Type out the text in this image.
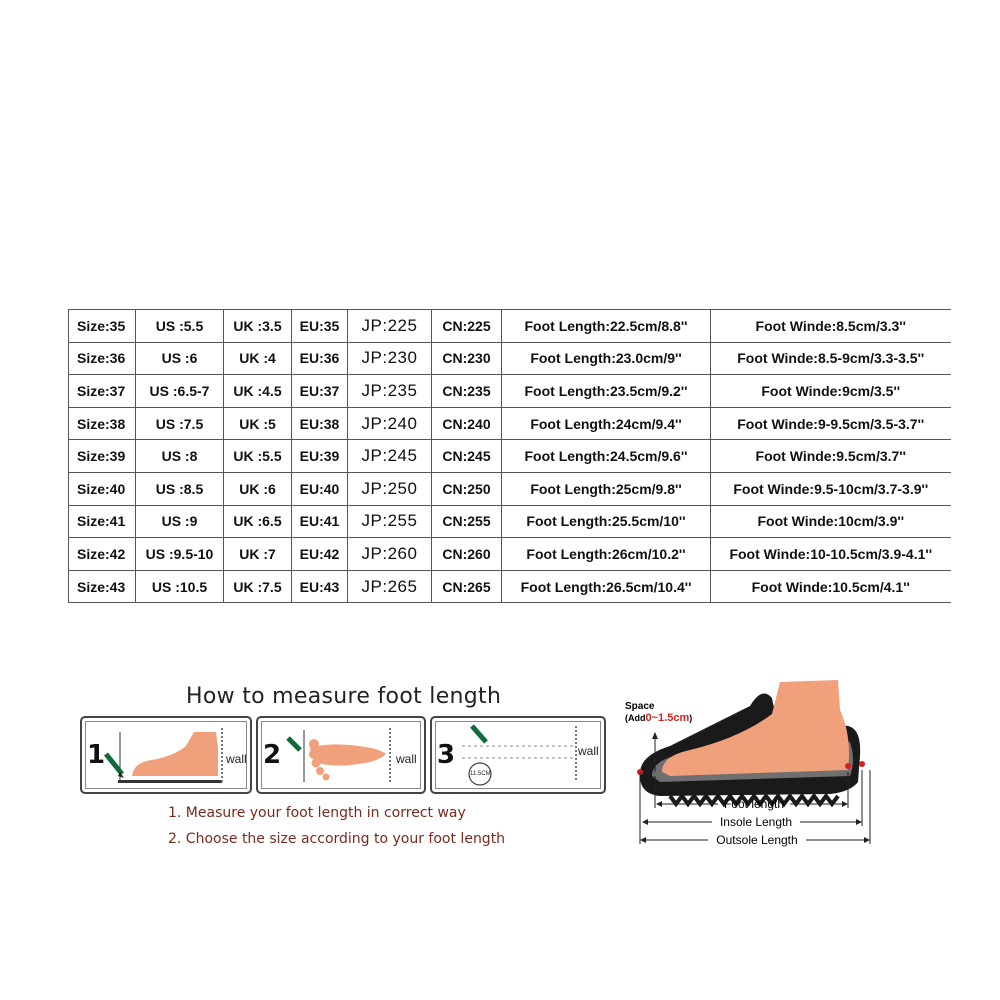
Size:35	US :5.5	UK :3.5	EU:35	JP:225	CN:225	Foot Length:22.5cm/8.8''	Foot Winde:8.5cm/3.3''
Size:36	US :6	UK :4	EU:36	JP:230	CN:230	Foot Length:23.0cm/9''	Foot Winde:8.5-9cm/3.3-3.5''
Size:37	US :6.5-7	UK :4.5	EU:37	JP:235	CN:235	Foot Length:23.5cm/9.2''	Foot Winde:9cm/3.5''
Size:38	US :7.5	UK :5	EU:38	JP:240	CN:240	Foot Length:24cm/9.4''	Foot Winde:9-9.5cm/3.5-3.7''
Size:39	US :8	UK :5.5	EU:39	JP:245	CN:245	Foot Length:24.5cm/9.6''	Foot Winde:9.5cm/3.7''
Size:40	US :8.5	UK :6	EU:40	JP:250	CN:250	Foot Length:25cm/9.8''	Foot Winde:9.5-10cm/3.7-3.9''
Size:41	US :9	UK :6.5	EU:41	JP:255	CN:255	Foot Length:25.5cm/10''	Foot Winde:10cm/3.9''
Size:42	US :9.5-10	UK :7	EU:42	JP:260	CN:260	Foot Length:26cm/10.2''	Foot Winde:10-10.5cm/3.9-4.1''
Size:43	US :10.5	UK :7.5	EU:43	JP:265	CN:265	Foot Length:26.5cm/10.4''	Foot Winde:10.5cm/4.1''
How to measure foot length
1	wall 2	wall 3
11.5CM
wall
1. Measure your foot length in correct way
2. Choose the size according to your foot length
Space
(Add0~1.5cm)
Foot length
Insole Length
Outsole Length
